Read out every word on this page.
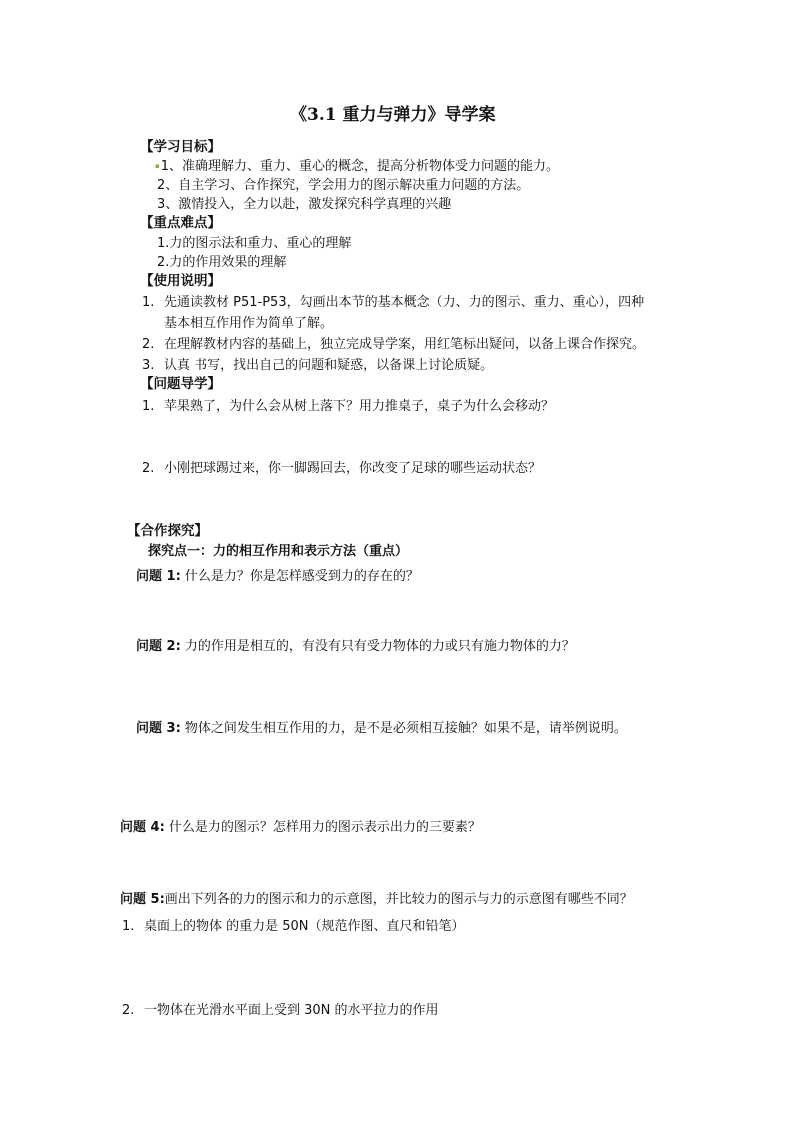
《3.1 重力与弹力》导学案
【学习目标】
▪1、准确理解力、重力、重心的概念，提高分析物体受力问题的能力。
2、自主学习、合作探究，学会用力的图示解决重力问题的方法。
3、激情投入，全力以赴，激发探究科学真理的兴趣
【重点难点】
1.力的图示法和重力、重心的理解
2.力的作用效果的理解
【使用说明】
1. 先通读教材 P51-P53，勾画出本节的基本概念（力、力的图示、重力、重心），四种
基本相互作用作为简单了解。
2. 在理解教材内容的基础上，独立完成导学案，用红笔标出疑问，以备上课合作探究。
3. 认真 书写，找出自己的问题和疑惑，以备课上讨论质疑。
【问题导学】
1. 苹果熟了，为什么会从树上落下？用力推桌子，桌子为什么会移动？
2. 小刚把球踢过来，你一脚踢回去，你改变了足球的哪些运动状态？
【合作探究】
探究点一：力的相互作用和表示方法（重点）
问题 1: 什么是力？你是怎样感受到力的存在的？
问题 2: 力的作用是相互的，有没有只有受力物体的力或只有施力物体的力？
问题 3: 物体之间发生相互作用的力，是不是必须相互接触？如果不是，请举例说明。
问题 4: 什么是力的图示？怎样用力的图示表示出力的三要素？
问题 5:画出下列各的力的图示和力的示意图，并比较力的图示与力的示意图有哪些不同？
1. 桌面上的物体 的重力是 50N（规范作图、直尺和铅笔）
2. 一物体在光滑水平面上受到 30N 的水平拉力的作用
